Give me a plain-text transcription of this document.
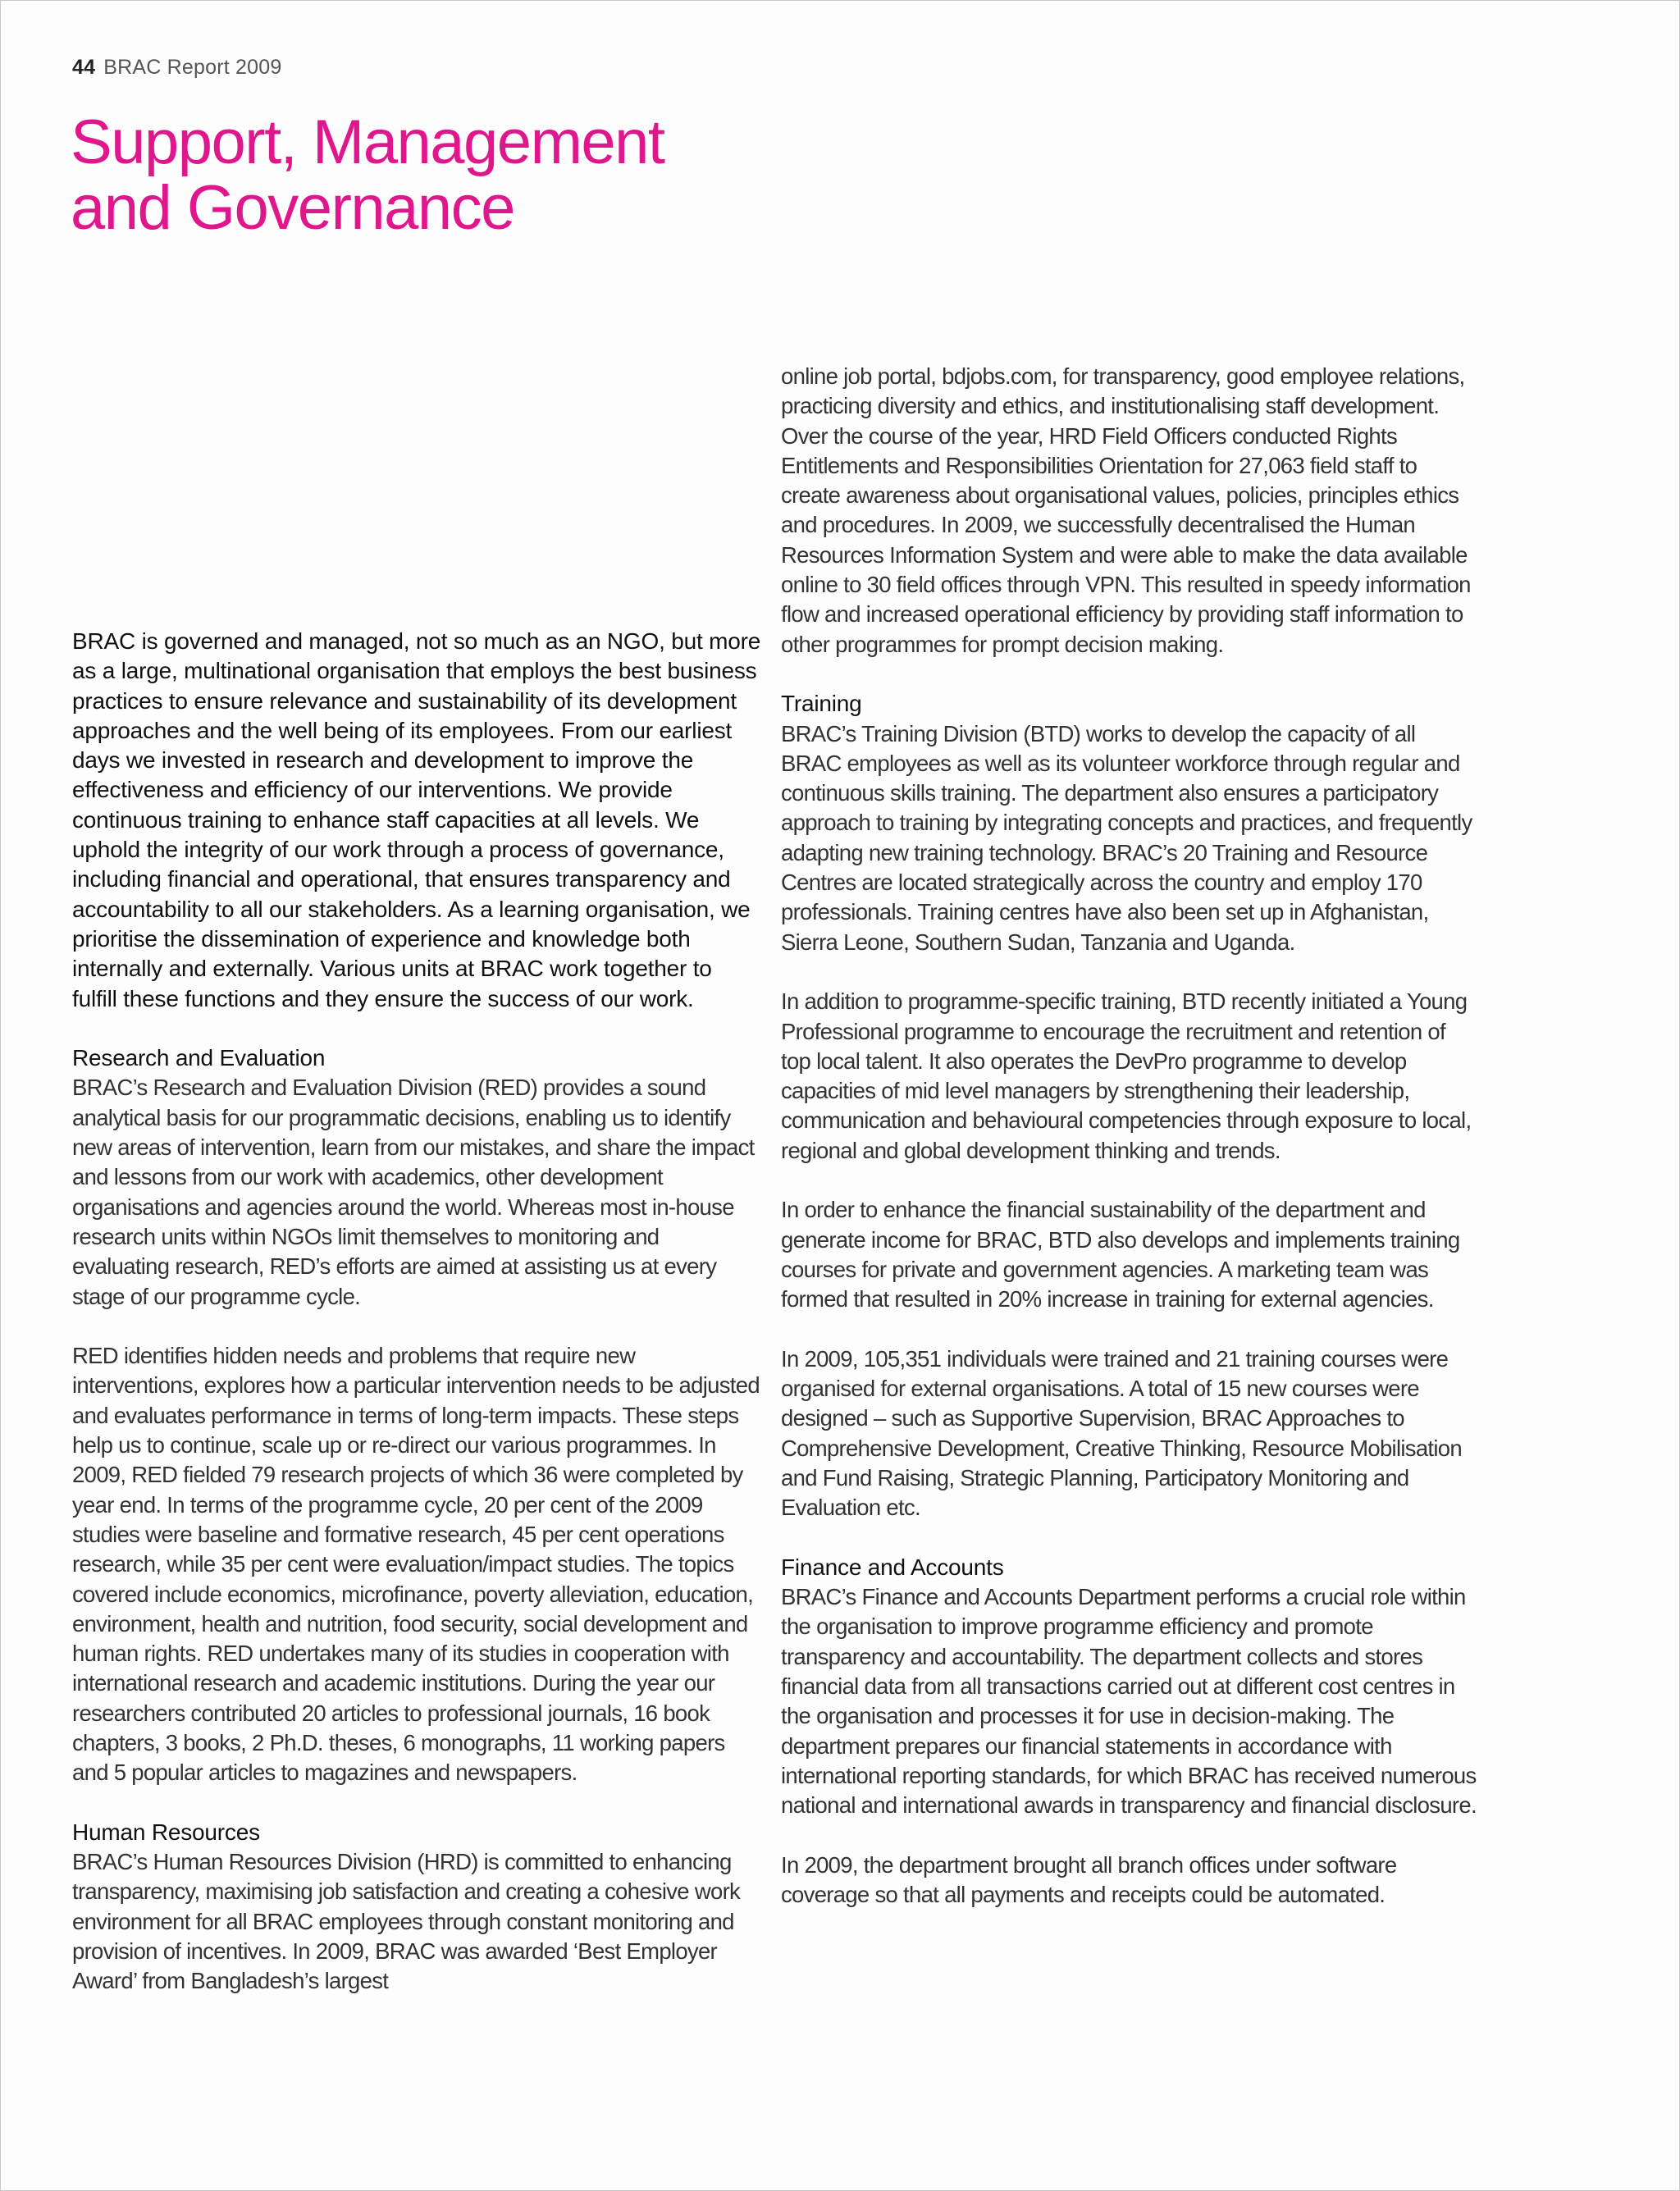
44 BRAC Report 2009
Support, Management
and Governance

BRAC is governed and managed, not so much as an NGO, but more as a large, multinational organisation that employs the best business practices to ensure relevance and sustainability of its development approaches and the well being of its employees. From our earliest days we invested in research and development to improve the effectiveness and efficiency of our interventions. We provide continuous training to enhance staff capacities at all levels. We uphold the integrity of our work through a process of governance, including financial and operational, that ensures transparency and accountability to all our stakeholders. As a learning organisation, we prioritise the dissemination of experience and knowledge both internally and externally. Various units at BRAC work together to fulfill these functions and they ensure the success of our work.

Research and Evaluation

BRAC’s Research and Evaluation Division (RED) provides a sound analytical basis for our programmatic decisions, enabling us to identify new areas of intervention, learn from our mistakes, and share the impact and lessons from our work with academics, other development organisations and agencies around the world. Whereas most in-house research units within NGOs limit themselves to monitoring and evaluating research, RED’s efforts are aimed at assisting us at every stage of our programme cycle.

RED identifies hidden needs and problems that require new interventions, explores how a particular intervention needs to be adjusted and evaluates performance in terms of long-term impacts. These steps help us to continue, scale up or re-direct our various programmes. In 2009, RED fielded 79 research projects of which 36 were completed by year end. In terms of the programme cycle, 20 per cent of the 2009 studies were baseline and formative research, 45 per cent operations research, while 35 per cent were evaluation/impact studies. The topics covered include economics, microfinance, poverty alleviation, education, environment, health and nutrition, food security, social development and human rights. RED undertakes many of its studies in cooperation with international research and academic institutions. During the year our researchers contributed 20 articles to professional journals, 16 book chapters, 3 books, 2 Ph.D. theses, 6 monographs, 11 working papers and 5 popular articles to magazines and newspapers.

Human Resources

BRAC’s Human Resources Division (HRD) is committed to enhancing transparency, maximising job satisfaction and creating a cohesive work environment for all BRAC employees through constant monitoring and provision of incentives. In 2009, BRAC was awarded ‘Best Employer Award’ from Bangladesh’s largest

online job portal, bdjobs.com, for transparency, good employee relations, practicing diversity and ethics, and institutionalising staff development. Over the course of the year, HRD Field Officers conducted Rights Entitlements and Responsibilities Orientation for 27,063 field staff to create awareness about organisational values, policies, principles ethics and procedures. In 2009, we successfully decentralised the Human Resources Information System and were able to make the data available online to 30 field offices through VPN. This resulted in speedy information flow and increased operational efficiency by providing staff information to other programmes for prompt decision making.

Training

BRAC’s Training Division (BTD) works to develop the capacity of all BRAC employees as well as its volunteer workforce through regular and continuous skills training. The department also ensures a participatory approach to training by integrating concepts and practices, and frequently adapting new training technology. BRAC’s 20 Training and Resource Centres are located strategically across the country and employ 170 professionals. Training centres have also been set up in Afghanistan, Sierra Leone, Southern Sudan, Tanzania and Uganda.

In addition to programme-specific training, BTD recently initiated a Young Professional programme to encourage the recruitment and retention of top local talent. It also operates the DevPro programme to develop capacities of mid level managers by strengthening their leadership, communication and behavioural competencies through exposure to local, regional and global development thinking and trends.

In order to enhance the financial sustainability of the department and generate income for BRAC, BTD also develops and implements training courses for private and government agencies. A marketing team was formed that resulted in 20% increase in training for external agencies.

In 2009, 105,351 individuals were trained and 21 training courses were organised for external organisations. A total of 15 new courses were designed – such as Supportive Supervision, BRAC Approaches to Comprehensive Development, Creative Thinking, Resource Mobilisation and Fund Raising, Strategic Planning, Participatory Monitoring and Evaluation etc.

Finance and Accounts

BRAC’s Finance and Accounts Department performs a crucial role within the organisation to improve programme efficiency and promote transparency and accountability. The department collects and stores financial data from all transactions carried out at different cost centres in the organisation and processes it for use in decision-making. The department prepares our financial statements in accordance with international reporting standards, for which BRAC has received numerous national and international awards in transparency and financial disclosure.

In 2009, the department brought all branch offices under software coverage so that all payments and receipts could be automated.
